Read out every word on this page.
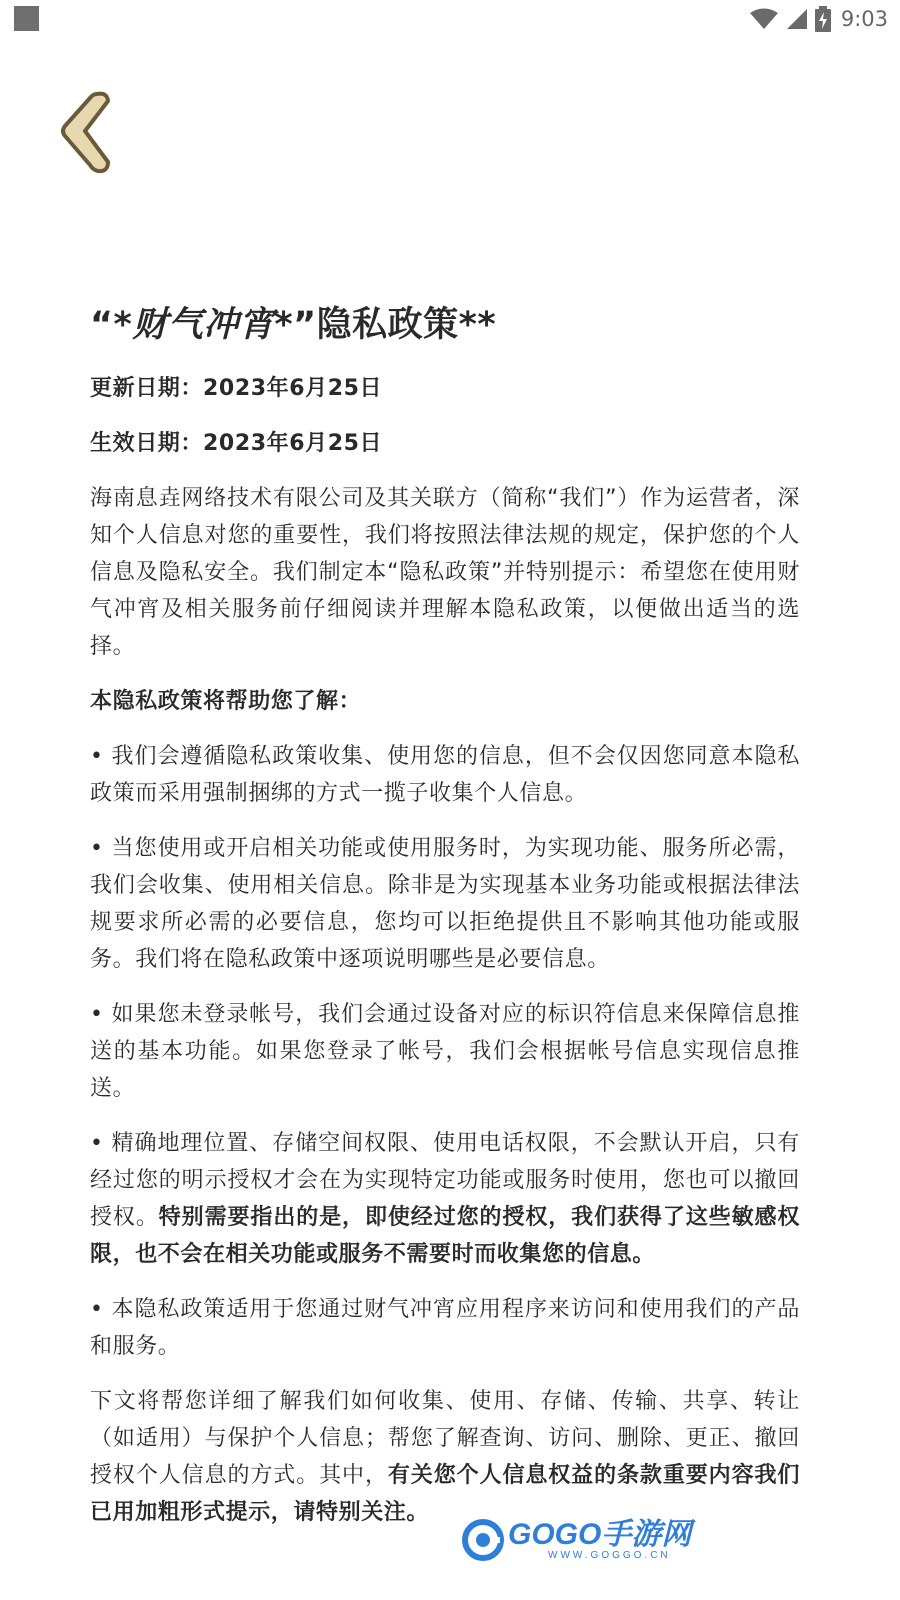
9:03
“*财气冲宵*”隐私政策**

更新日期：2023年6月25日

生效日期：2023年6月25日

海南息垚网络技术有限公司及其关联方（简称“我们”）作为运营者，深知个人信息对您的重要性，我们将按照法律法规的规定，保护您的个人信息及隐私安全。我们制定本“隐私政策”并特别提示：希望您在使用财气冲宵及相关服务前仔细阅读并理解本隐私政策，以便做出适当的选择。

本隐私政策将帮助您了解：

• 我们会遵循隐私政策收集、使用您的信息，但不会仅因您同意本隐私政策而采用强制捆绑的方式一揽子收集个人信息。

• 当您使用或开启相关功能或使用服务时，为实现功能、服务所必需，我们会收集、使用相关信息。除非是为实现基本业务功能或根据法律法规要求所必需的必要信息，您均可以拒绝提供且不影响其他功能或服务。我们将在隐私政策中逐项说明哪些是必要信息。

• 如果您未登录帐号，我们会通过设备对应的标识符信息来保障信息推送的基本功能。如果您登录了帐号，我们会根据帐号信息实现信息推送。

• 精确地理位置、存储空间权限、使用电话权限，不会默认开启，只有经过您的明示授权才会在为实现特定功能或服务时使用，您也可以撤回授权。特别需要指出的是，即使经过您的授权，我们获得了这些敏感权限，也不会在相关功能或服务不需要时而收集您的信息。

• 本隐私政策适用于您通过财气冲宵应用程序来访问和使用我们的产品和服务。

下文将帮您详细了解我们如何收集、使用、存储、传输、共享、转让（如适用）与保护个人信息；帮您了解查询、访问、删除、更正、撤回授权个人信息的方式。其中，有关您个人信息权益的条款重要内容我们已用加粗形式提示，请特别关注。

GOGO手游网
WWW.GOGGO.CN
